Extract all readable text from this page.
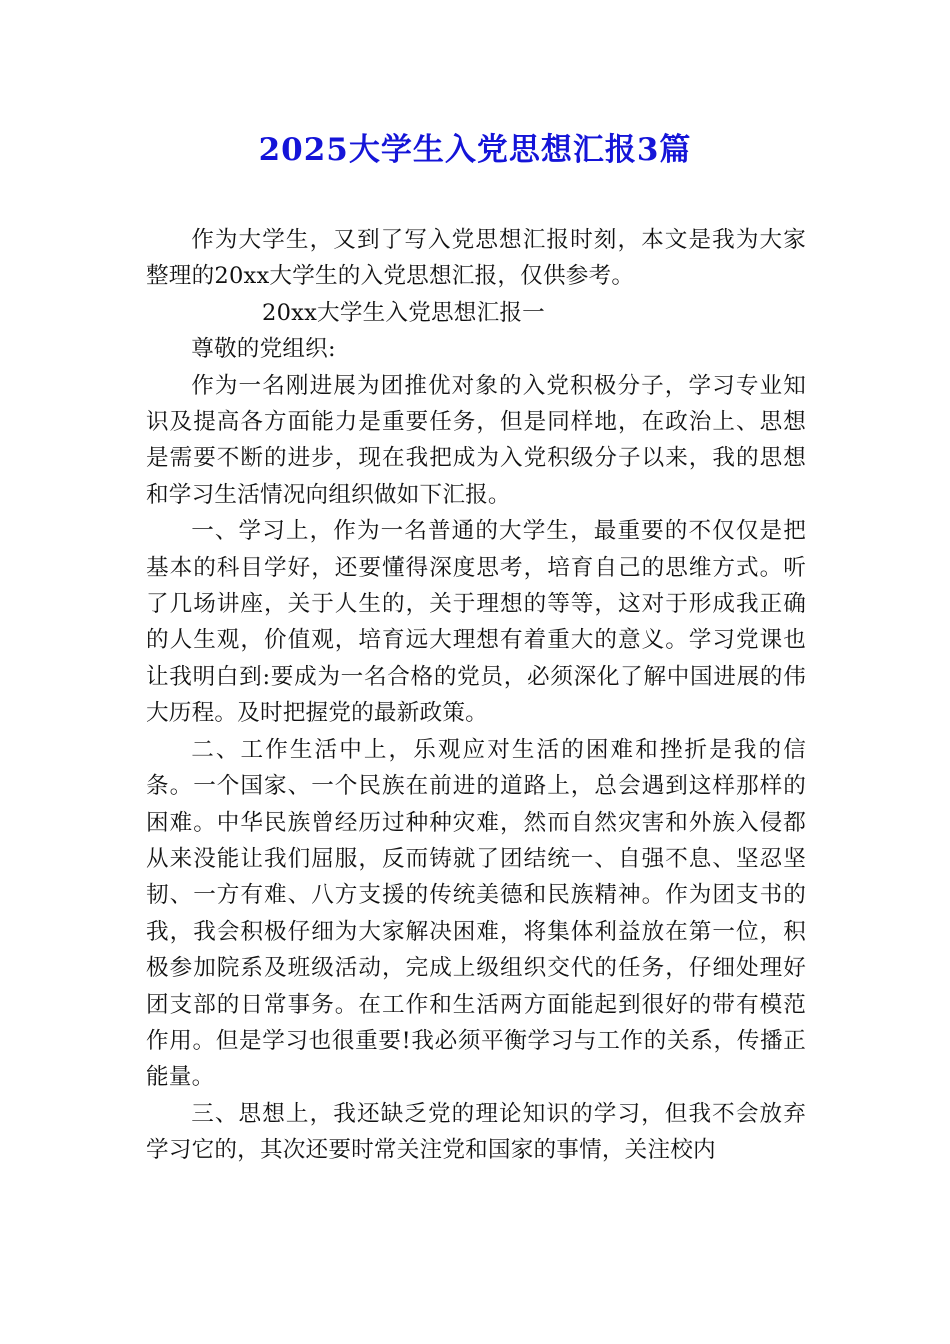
2025大学生入党思想汇报3篇

作为大学生，又到了写入党思想汇报时刻，本文是我为大家整理的20xx大学生的入党思想汇报，仅供参考。

20xx大学生入党思想汇报一

尊敬的党组织:

作为一名刚进展为团推优对象的入党积极分子，学习专业知识及提高各方面能力是重要任务，但是同样地，在政治上、思想是需要不断的进步，现在我把成为入党积级分子以来，我的思想和学习生活情况向组织做如下汇报。

一、学习上，作为一名普通的大学生，最重要的不仅仅是把基本的科目学好，还要懂得深度思考，培育自己的思维方式。听了几场讲座，关于人生的，关于理想的等等，这对于形成我正确的人生观，价值观，培育远大理想有着重大的意义。学习党课也让我明白到:要成为一名合格的党员，必须深化了解中国进展的伟大历程。及时把握党的最新政策。

二、工作生活中上，乐观应对生活的困难和挫折是我的信条。一个国家、一个民族在前进的道路上，总会遇到这样那样的困难。中华民族曾经历过种种灾难，然而自然灾害和外族入侵都从来没能让我们屈服，反而铸就了团结统一、自强不息、坚忍坚韧、一方有难、八方支援的传统美德和民族精神。作为团支书的我，我会积极仔细为大家解决困难，将集体利益放在第一位，积极参加院系及班级活动，完成上级组织交代的任务，仔细处理好团支部的日常事务。在工作和生活两方面能起到很好的带有模范作用。但是学习也很重要!我必须平衡学习与工作的关系，传播正能量。

三、思想上，我还缺乏党的理论知识的学习，但我不会放弃学习它的，其次还要时常关注党和国家的事情，关注校内
